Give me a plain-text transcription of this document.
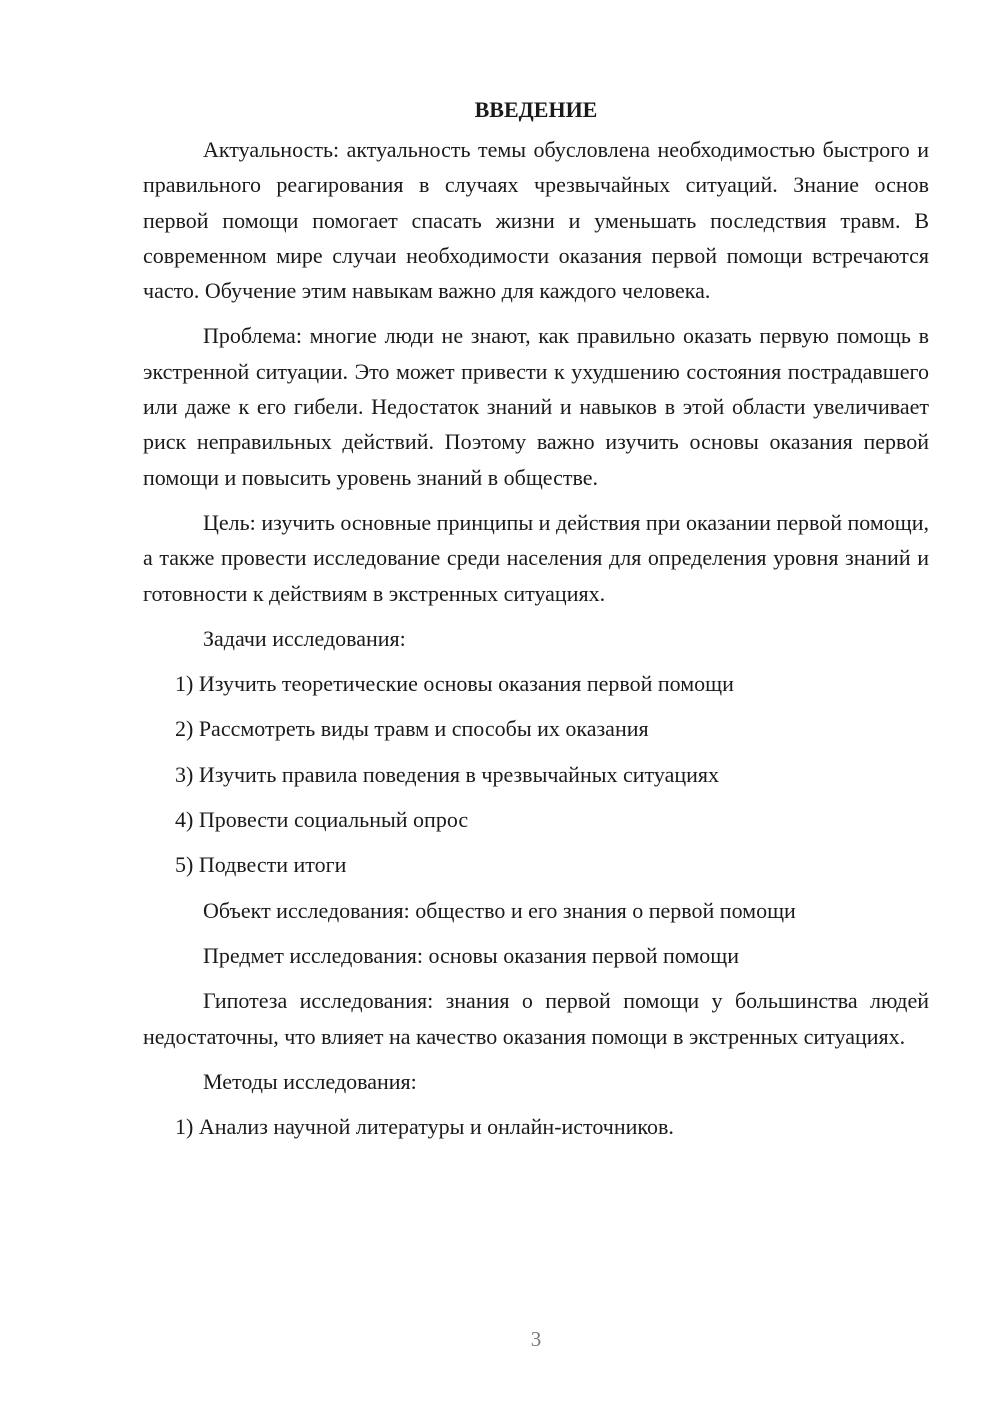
ВВЕДЕНИЕ

Актуальность: актуальность темы обусловлена необходимостью быстрого и правильного реагирования в случаях чрезвычайных ситуаций. Знание основ первой помощи помогает спасать жизни и уменьшать последствия травм. В современном мире случаи необходимости оказания первой помощи встречаются часто. Обучение этим навыкам важно для каждого человека.

Проблема: многие люди не знают, как правильно оказать первую помощь в экстренной ситуации. Это может привести к ухудшению состояния пострадавшего или даже к его гибели. Недостаток знаний и навыков в этой области увеличивает риск неправильных действий. Поэтому важно изучить основы оказания первой помощи и повысить уровень знаний в обществе.

Цель: изучить основные принципы и действия при оказании первой помощи, а также провести исследование среди населения для определения уровня знаний и готовности к действиям в экстренных ситуациях.

Задачи исследования:

1) Изучить теоретические основы оказания первой помощи

2) Рассмотреть виды травм и способы их оказания

3) Изучить правила поведения в чрезвычайных ситуациях

4) Провести социальный опрос

5) Подвести итоги

Объект исследования: общество и его знания о первой помощи

Предмет исследования: основы оказания первой помощи

Гипотеза исследования: знания о первой помощи у большинства людей недостаточны, что влияет на качество оказания помощи в экстренных ситуациях.

Методы исследования:

1) Анализ научной литературы и онлайн-источников.

3
